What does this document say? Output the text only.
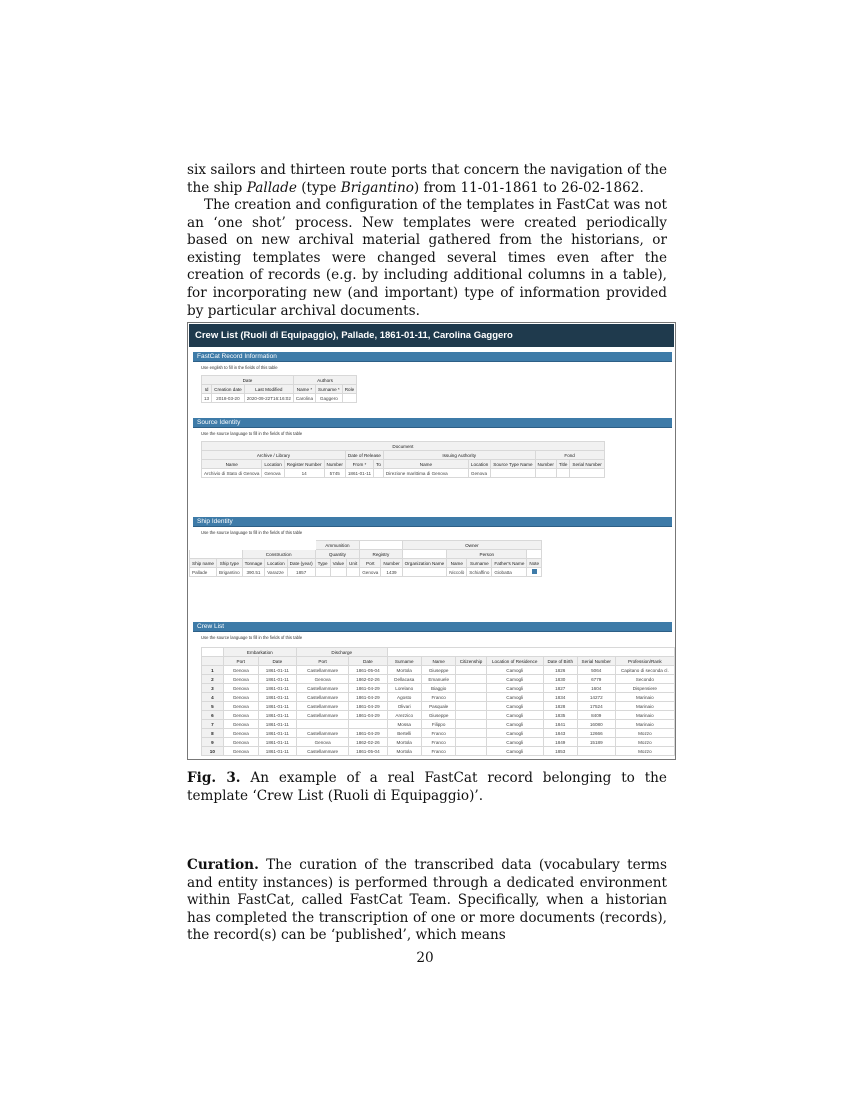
six sailors and thirteen route ports that concern the navigation of the the ship Pallade (type Brigantino) from 11-01-1861 to 26-02-1862.

The creation and configuration of the templates in FastCat was not an ‘one shot’ process. New templates were created periodically based on new archival material gathered from the historians, or existing templates were changed several times even after the creation of records (e.g. by including additional columns in a table), for incorporating new (and important) type of information provided by particular archival documents.

Crew List (Ruoli di Equipaggio), Pallade, 1861-01-11, Carolina Gaggero
FastCat Record Information
Use english to fill in the fields of this table
Date			Authors		
Id	Creation date	Last Modified	Name *	Surname *	Role
13	2018-03-20	2020-09-22T16:16:02	Carolina	Gaggero	
Source Identity
Use the source language to fill in the fields of this table
Document											
Archive / Library				Date of Release		Issuing Authority			Fond		
Name	Location	Register Number	Number	From *	To	Name	Location	Source Type Name	Number	Title	Serial Number
Archivio di Stato di Genova	Genova	14	5745	1861-01-11		Direzione marittima di Genova	Genova				
Ship Identity
Use the source language to fill in the fields of this table
					Ammunition					Owner				
		Construction			Quantity			Registry			Person			
Ship name	Ship type	Tonnage	Location	Date (year)	Type	Value	Unit	Port	Number	Organization Name	Name	Surname	Father's Name	Note
Pallade	Brigantino	390.51	Varazze	1857				Genova	1439		Niccolò	Schiaffino	Giobatta	
Crew List
Use the source language to fill in the fields of this table
	Embarkation		Discharge								
	Port	Date	Port	Date	Surname	Name	Citizenship	Location of Residence	Date of Birth	Serial Number	Profession/Rank
1	Genova	1861-01-11	Castellammare	1861-05-04	Mortola	Giuseppe		Camogli	1826	5064	Capitano di seconda cl.
2	Genova	1861-01-11	Genova	1862-02-26	Dellacasa	Emanuele		Camogli	1830	6779	Secondo
3	Genova	1861-01-11	Castellammare	1861-04-29	Lorelano	Biaggio		Camogli	1827	1604	Dispensiere
4	Genova	1861-01-11	Castellammare	1861-04-29	Agosto	Franco		Camogli	1834	14272	Marinaio
5	Genova	1861-01-11	Castellammare	1861-04-29	Olivari	Pasquale		Camogli	1828	17524	Marinaio
6	Genova	1861-01-11	Castellammare	1861-04-29	Arezzico	Giuseppe		Camogli	1835	8409	Marinaio
7	Genova	1861-01-11			Mossa	Filippo		Camogli	1841	16080	Marinaio
8	Genova	1861-01-11	Castellammare	1861-04-29	Bertelli	Franco		Camogli	1843	12666	Mozzo
9	Genova	1861-01-11	Genova	1862-02-26	Mortola	Franco		Camogli	1849	15189	Mozzo
10	Genova	1861-01-11	Castellammare	1861-05-04	Mortola	Franco		Camogli	1853		Mozzo

Fig. 3. An example of a real FastCat record belonging to the template ‘Crew List (Ruoli di Equipaggio)’.

Curation. The curation of the transcribed data (vocabulary terms and entity instances) is performed through a dedicated environment within FastCat, called FastCat Team. Specifically, when a historian has completed the transcription of one or more documents (records), the record(s) can be ‘published’, which means

20
